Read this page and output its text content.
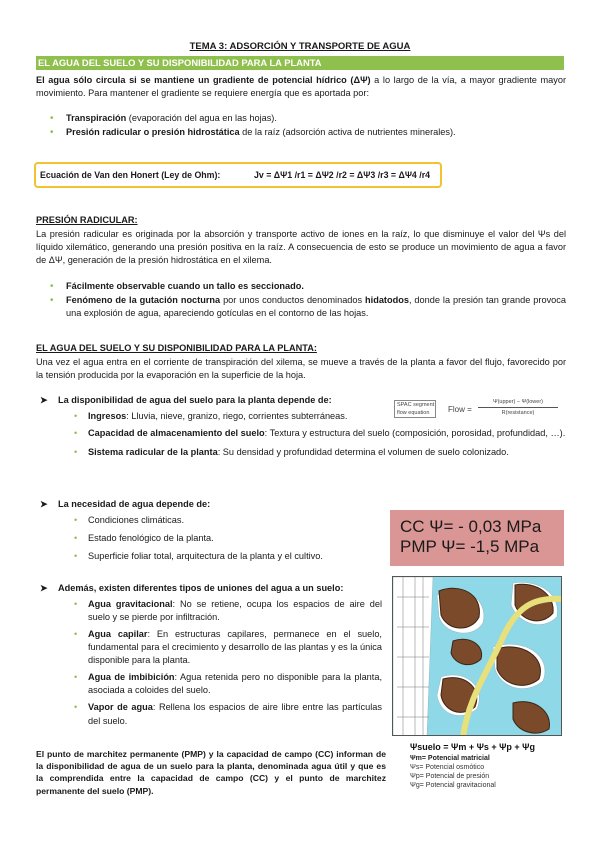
TEMA 3: ADSORCIÓN Y TRANSPORTE DE AGUA
EL AGUA DEL SUELO Y SU DISPONIBILIDAD PARA LA PLANTA
El agua sólo circula si se mantiene un gradiente de potencial hídrico (ΔΨ) a lo largo de la vía, a mayor gradiente mayor movimiento. Para mantener el gradiente se requiere energía que es aportada por:
• Transpiración (evaporación del agua en las hojas).
• Presión radicular o presión hidrostática de la raíz (adsorción activa de nutrientes minerales).
Ecuación de Van den Honert (Ley de Ohm):	Jv = ΔΨ1 /r1 = ΔΨ2 /r2 = ΔΨ3 /r3 = ΔΨ4 /r4
PRESIÓN RADICULAR:
La presión radicular es originada por la absorción y transporte activo de iones en la raíz, lo que disminuye el valor del Ψs del líquido xilemático, generando una presión positiva en la raíz. A consecuencia de esto se produce un movimiento de agua a favor de ΔΨ, generación de la presión hidrostática en el xilema.
• Fácilmente observable cuando un tallo es seccionado.
• Fenómeno de la gutación nocturna por unos conductos denominados hidatodos, donde la presión tan grande provoca una explosión de agua, apareciendo gotículas en el contorno de las hojas.
EL AGUA DEL SUELO Y SU DISPONIBILIDAD PARA LA PLANTA:
Una vez el agua entra en el corriente de transpiración del xilema, se mueve a través de la planta a favor del flujo, favorecido por la tensión producida por la evaporación en la superficie de la hoja.
➤ La disponibilidad de agua del suelo para la planta depende de:
• Ingresos: Lluvia, nieve, granizo, riego, corrientes subterráneas.
• Capacidad de almacenamiento del suelo: Textura y estructura del suelo (composición, porosidad, profundidad, …).
• Sistema radicular de la planta: Su densidad y profundidad determina el volumen de suelo colonizado.
SPAC segment
flow equation	Flow =
Ψ(upper) − Ψ(lower)
R(resistance)
➤ La necesidad de agua depende de:
• Condiciones climáticas.
• Estado fenológico de la planta.
• Superficie foliar total, arquitectura de la planta y el cultivo.
CC Ψ= - 0,03 MPa
PMP Ψ= -1,5 MPa
➤ Además, existen diferentes tipos de uniones del agua a un suelo:
• Agua gravitacional: No se retiene, ocupa los espacios de aire del suelo y se pierde por infiltración.
• Agua capilar: En estructuras capilares, permanece en el suelo, fundamental para el crecimiento y desarrollo de las plantas y es la única disponible para la planta.
• Agua de imbibición: Agua retenida pero no disponible para la planta, asociada a coloides del suelo.
• Vapor de agua: Rellena los espacios de aire libre entre las partículas del suelo.
Ψsuelo = Ψm + Ψs + Ψp + Ψg
Ψm= Potencial matricial
Ψs= Potencial osmótico
Ψp= Potencial de presión
Ψg= Potencial gravitacional
El punto de marchitez permanente (PMP) y la capacidad de campo (CC) informan de la disponibilidad de agua de un suelo para la planta, denominada agua útil y que es la comprendida entre la capacidad de campo (CC) y el punto de marchitez permanente del suelo (PMP).
